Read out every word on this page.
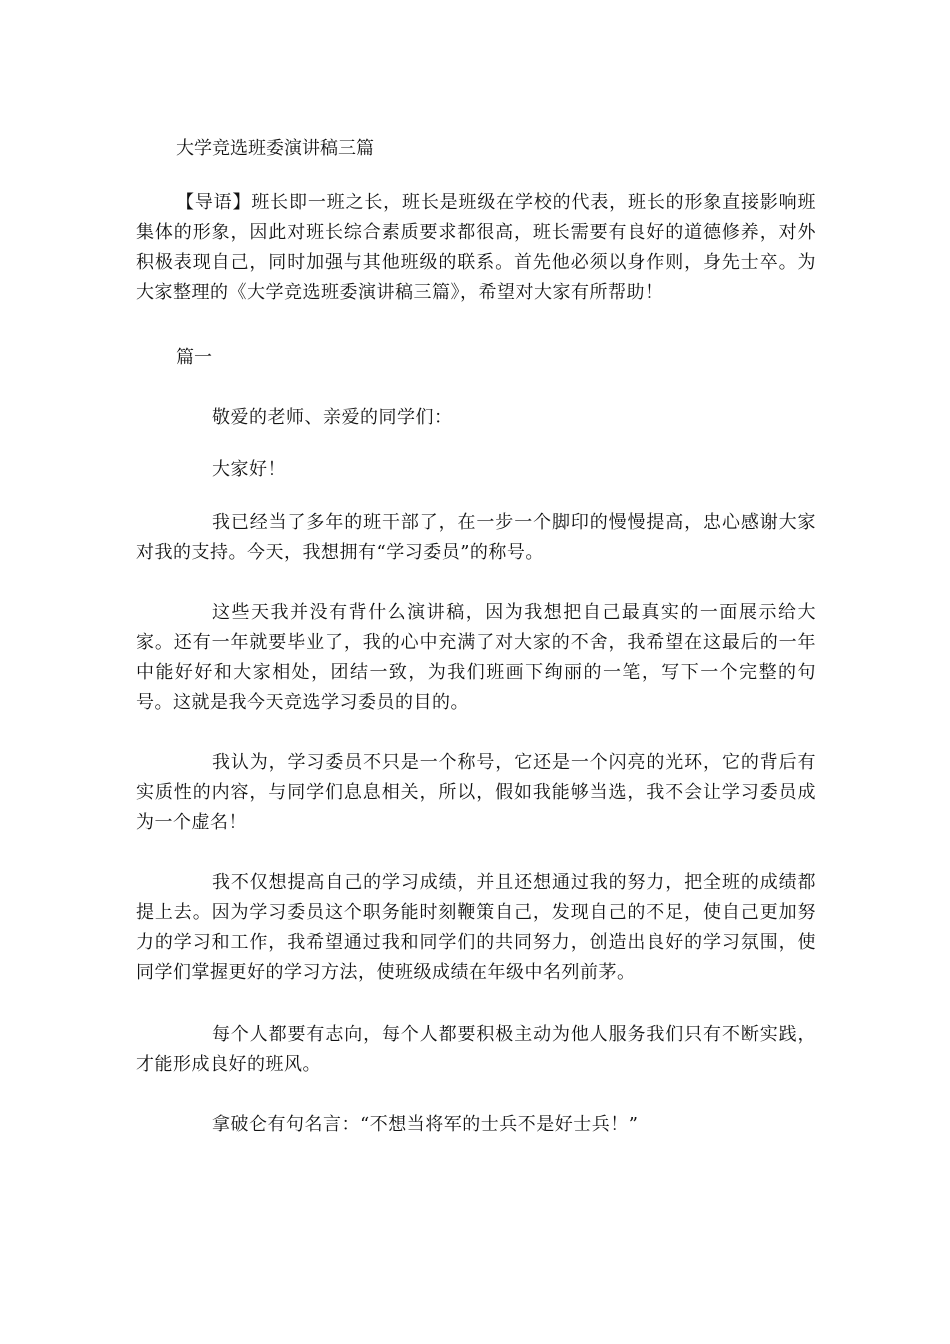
大学竞选班委演讲稿三篇

【导语】班长即一班之长，班长是班级在学校的代表，班长的形象直接影响班集体的形象，因此对班长综合素质要求都很高，班长需要有良好的道德修养，对外积极表现自己，同时加强与其他班级的联系。首先他必须以身作则，身先士卒。为大家整理的《大学竞选班委演讲稿三篇》，希望对大家有所帮助！

篇一

敬爱的老师、亲爱的同学们：

大家好！

我已经当了多年的班干部了，在一步一个脚印的慢慢提高，忠心感谢大家对我的支持。今天，我想拥有“学习委员”的称号。

这些天我并没有背什么演讲稿，因为我想把自己最真实的一面展示给大家。还有一年就要毕业了，我的心中充满了对大家的不舍，我希望在这最后的一年中能好好和大家相处，团结一致，为我们班画下绚丽的一笔，写下一个完整的句号。这就是我今天竞选学习委员的目的。

我认为，学习委员不只是一个称号，它还是一个闪亮的光环，它的背后有实质性的内容，与同学们息息相关，所以，假如我能够当选，我不会让学习委员成为一个虚名！

我不仅想提高自己的学习成绩，并且还想通过我的努力，把全班的成绩都提上去。因为学习委员这个职务能时刻鞭策自己，发现自己的不足，使自己更加努力的学习和工作，我希望通过我和同学们的共同努力，创造出良好的学习氛围，使同学们掌握更好的学习方法，使班级成绩在年级中名列前茅。

每个人都要有志向，每个人都要积极主动为他人服务我们只有不断实践，才能形成良好的班风。

拿破仑有句名言：“不想当将军的士兵不是好士兵！”
